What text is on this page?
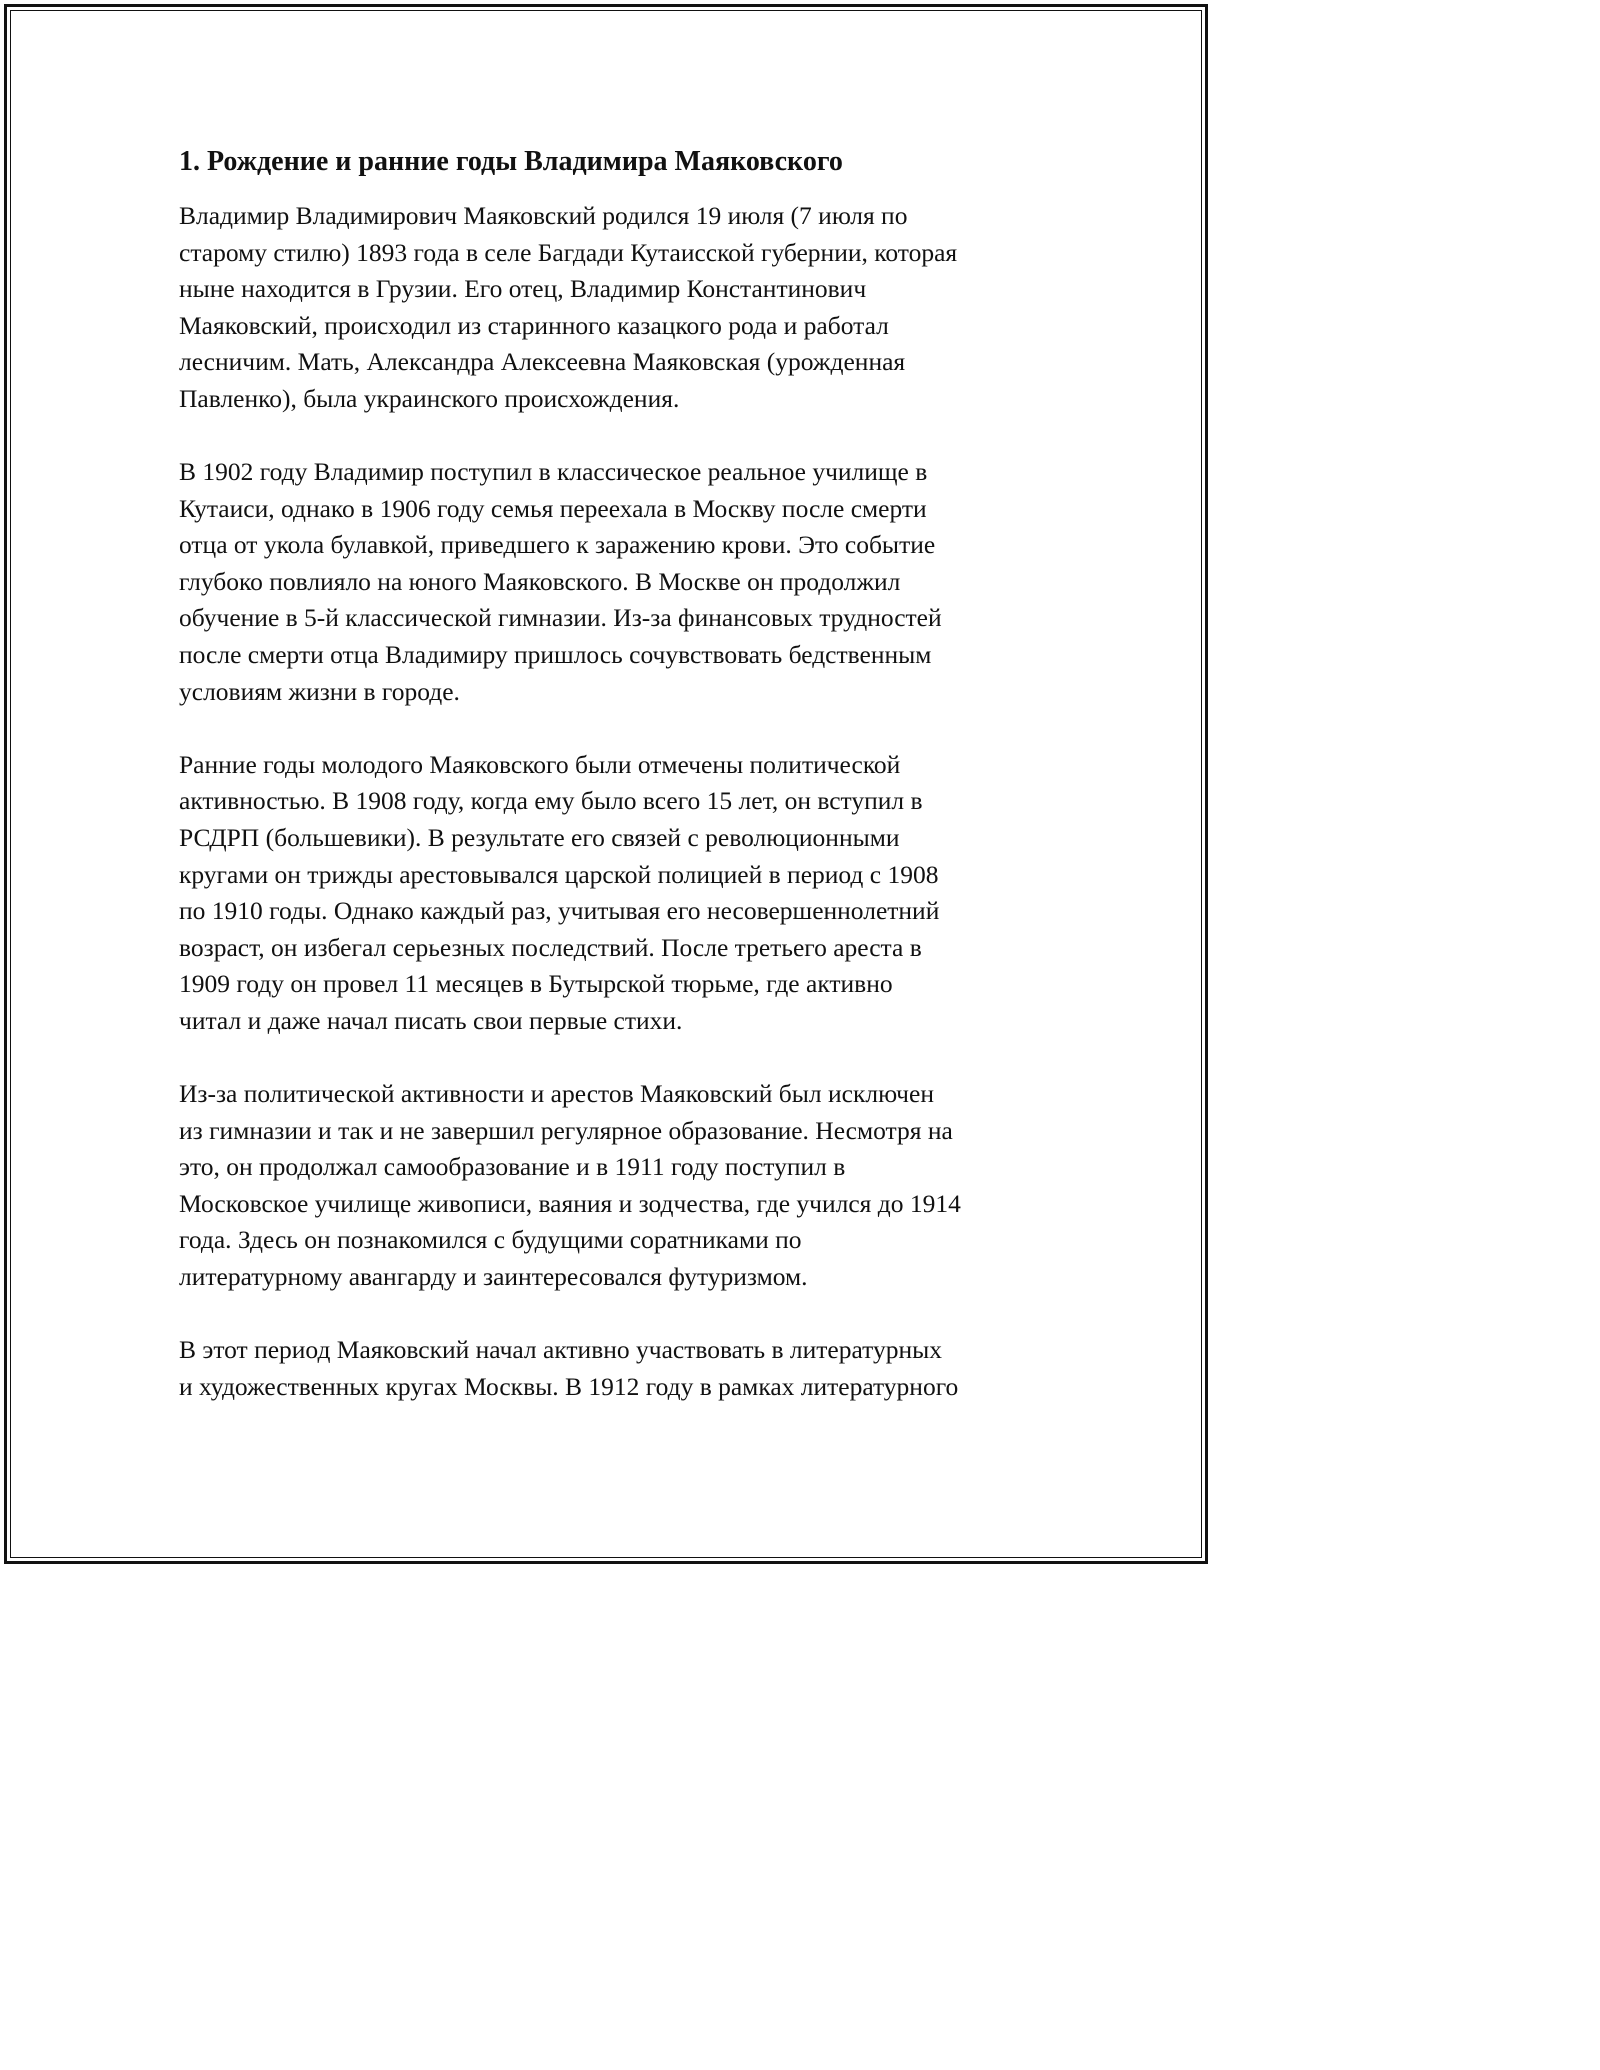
1. Рождение и ранние годы Владимира Маяковского

Владимир Владимирович Маяковский родился 19 июля (7 июля по
старому стилю) 1893 года в селе Багдади Кутаисской губернии, которая
ныне находится в Грузии. Его отец, Владимир Константинович
Маяковский, происходил из старинного казацкого рода и работал
лесничим. Мать, Александра Алексеевна Маяковская (урожденная
Павленко), была украинского происхождения.

В 1902 году Владимир поступил в классическое реальное училище в
Кутаиси, однако в 1906 году семья переехала в Москву после смерти
отца от укола булавкой, приведшего к заражению крови. Это событие
глубоко повлияло на юного Маяковского. В Москве он продолжил
обучение в 5-й классической гимназии. Из-за финансовых трудностей
после смерти отца Владимиру пришлось сочувствовать бедственным
условиям жизни в городе.

Ранние годы молодого Маяковского были отмечены политической
активностью. В 1908 году, когда ему было всего 15 лет, он вступил в
РСДРП (большевики). В результате его связей с революционными
кругами он трижды арестовывался царской полицией в период с 1908
по 1910 годы. Однако каждый раз, учитывая его несовершеннолетний
возраст, он избегал серьезных последствий. После третьего ареста в
1909 году он провел 11 месяцев в Бутырской тюрьме, где активно
читал и даже начал писать свои первые стихи.

Из-за политической активности и арестов Маяковский был исключен
из гимназии и так и не завершил регулярное образование. Несмотря на
это, он продолжал самообразование и в 1911 году поступил в
Московское училище живописи, ваяния и зодчества, где учился до 1914
года. Здесь он познакомился с будущими соратниками по
литературному авангарду и заинтересовался футуризмом.

В этот период Маяковский начал активно участвовать в литературных
и художественных кругах Москвы. В 1912 году в рамках литературного
